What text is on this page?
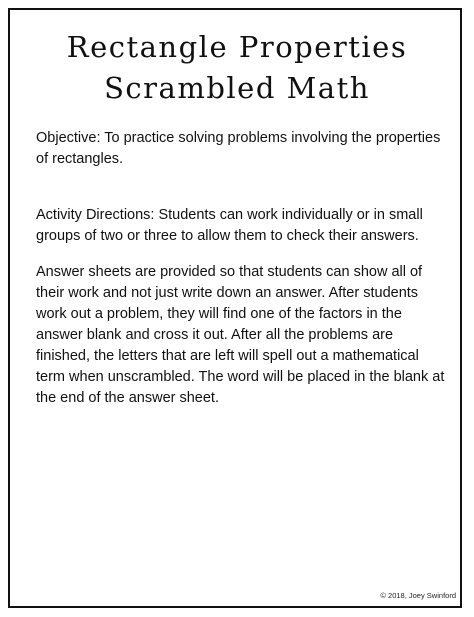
Rectangle Properties
Scrambled Math

Objective: To practice solving problems involving the properties of rectangles.

Activity Directions: Students can work individually or in small groups of two or three to allow them to check their answers.

Answer sheets are provided so that students can show all of their work and not just write down an answer. After students work out a problem, they will find one of the factors in the answer blank and cross it out. After all the problems are finished, the letters that are left will spell out a mathematical term when unscrambled. The word will be placed in the blank at the end of the answer sheet.

© 2018, Joey Swinford
